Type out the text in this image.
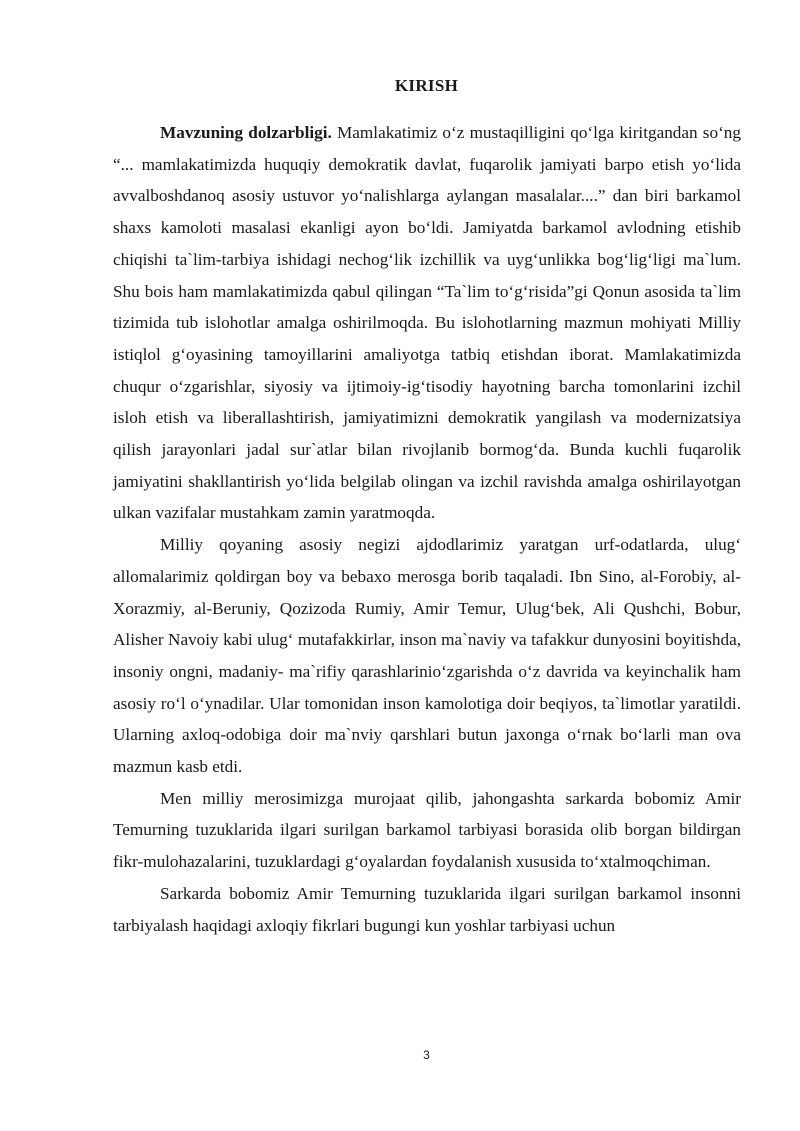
KIRISH

Mavzuning dolzarbligi. Mamlakatimiz o‘z mustaqilligini qo‘lga kiritgandan so‘ng “... mamlakatimizda huquqiy demokratik davlat, fuqarolik jamiyati barpo etish yo‘lida avvalboshdanoq asosiy ustuvor yo‘nalishlarga aylangan masalalar....” dan biri barkamol shaxs kamoloti masalasi ekanligi ayon bo‘ldi. Jamiyatda barkamol avlodning etishib chiqishi ta`lim-tarbiya ishidagi nechog‘lik izchillik va uyg‘unlikka bog‘lig‘ligi ma`lum. Shu bois ham mamlakatimizda qabul qilingan “Ta`lim to‘g‘risida”gi Qonun asosida ta`lim tizimida tub islohotlar amalga oshirilmoqda. Bu islohotlarning mazmun mohiyati Milliy istiqlol g‘oyasining tamoyillarini amaliyotga tatbiq etishdan iborat. Mamlakatimizda chuqur o‘zgarishlar, siyosiy va ijtimoiy-ig‘tisodiy hayotning barcha tomonlarini izchil isloh etish va liberallashtirish, jamiyatimizni demokratik yangilash va modernizatsiya qilish jarayonlari jadal sur`atlar bilan rivojlanib bormog‘da. Bunda kuchli fuqarolik jamiyatini shakllantirish yo‘lida belgilab olingan va izchil ravishda amalga oshirilayotgan ulkan vazifalar mustahkam zamin yaratmoqda.

Milliy qoyaning asosiy negizi ajdodlarimiz yaratgan urf-odatlarda, ulug‘ allomalarimiz qoldirgan boy va bebaxo merosga borib taqaladi. Ibn Sino, al-Forobiy, al-Xorazmiy, al-Beruniy, Qozizoda Rumiy, Amir Temur, Ulug‘bek, Ali Qushchi, Bobur, Alisher Navoiy kabi ulug‘ mutafakkirlar, inson ma`naviy va tafakkur dunyosini boyitishda, insoniy ongni, madaniy- ma`rifiy qarashlarinio‘zgarishda o‘z davrida va keyinchalik ham asosiy ro‘l o‘ynadilar. Ular tomonidan inson kamolotiga doir beqiyos, ta`limotlar yaratildi. Ularning axloq-odobiga doir ma`nviy qarshlari butun jaxonga o‘rnak bo‘larli man ova mazmun kasb etdi.

Men milliy merosimizga murojaat qilib, jahongashta sarkarda bobomiz Amir Temurning tuzuklarida ilgari surilgan barkamol tarbiyasi borasida olib borgan bildirgan fikr-mulohazalarini, tuzuklardagi g‘oyalardan foydalanish xususida to‘xtalmoqchiman.

Sarkarda bobomiz Amir Temurning tuzuklarida ilgari surilgan barkamol insonni tarbiyalash haqidagi axloqiy fikrlari bugungi kun yoshlar tarbiyasi uchun

3
